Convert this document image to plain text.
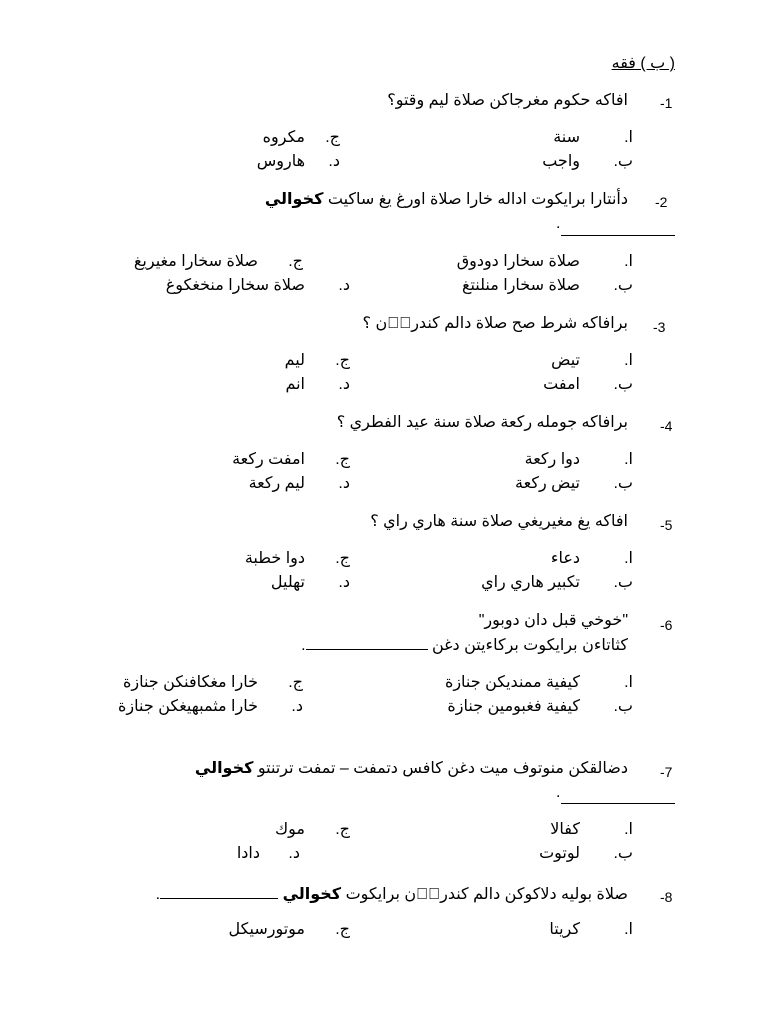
( ب ) فقه
-1
افاكه حكوم مغرجاكن صلاة ليم وقتو؟
ا.
سنة
ب.
واجب
ج.
مكروه
د.
هاروس
-2
دأنتارا برايكوت اداله خارا صلاة اورغ يغ ساكيت كخوالي
.
ا.
صلاة سخارا دودوق
ب.
صلاة سخارا منلنتغ
ج.
صلاة سخارا مغيريغ
د.
صلاة سخارا منخغكوغ
-3
برافاكه شرط صح صلاة دالم كندرا٘ن ؟
ا.
تيض
ب.
امفت
ج.
ليم
د.
انم
-4
برافاكه جومله ركعة صلاة سنة عيد الفطري ؟
ا.
دوا ركعة
ب.
تيض ركعة
ج.
امفت ركعة
د.
ليم ركعة
-5
افاكه يغ مغيريغي صلاة سنة هاري راي ؟
ا.
دعاء
ب.
تكبير هاري راي
ج.
دوا خطبة
د.
تهليل
-6
"خوخي قبل دان دوبور"
كثاتاءن برايكوت بركاءيتن دغن .
ا.
كيفية ممنديكن جنازة
ب.
كيفية فغبومين جنازة
ج.
خارا مغكافنكن جنازة
د.
خارا مثمبهيغكن جنازة
-7
دضالقكن منوتوف ميت دغن كافس دتمفت – تمفت ترتنتو كخوالي
.
ا.
كفالا
ب.
لوتوت
ج.
موك
د.
دادا
-8
صلاة بوليه دلاكوكن دالم كندرا٘ن برايكوت كخوالي .
ا.
كريتا
ج.
موتورسيكل
